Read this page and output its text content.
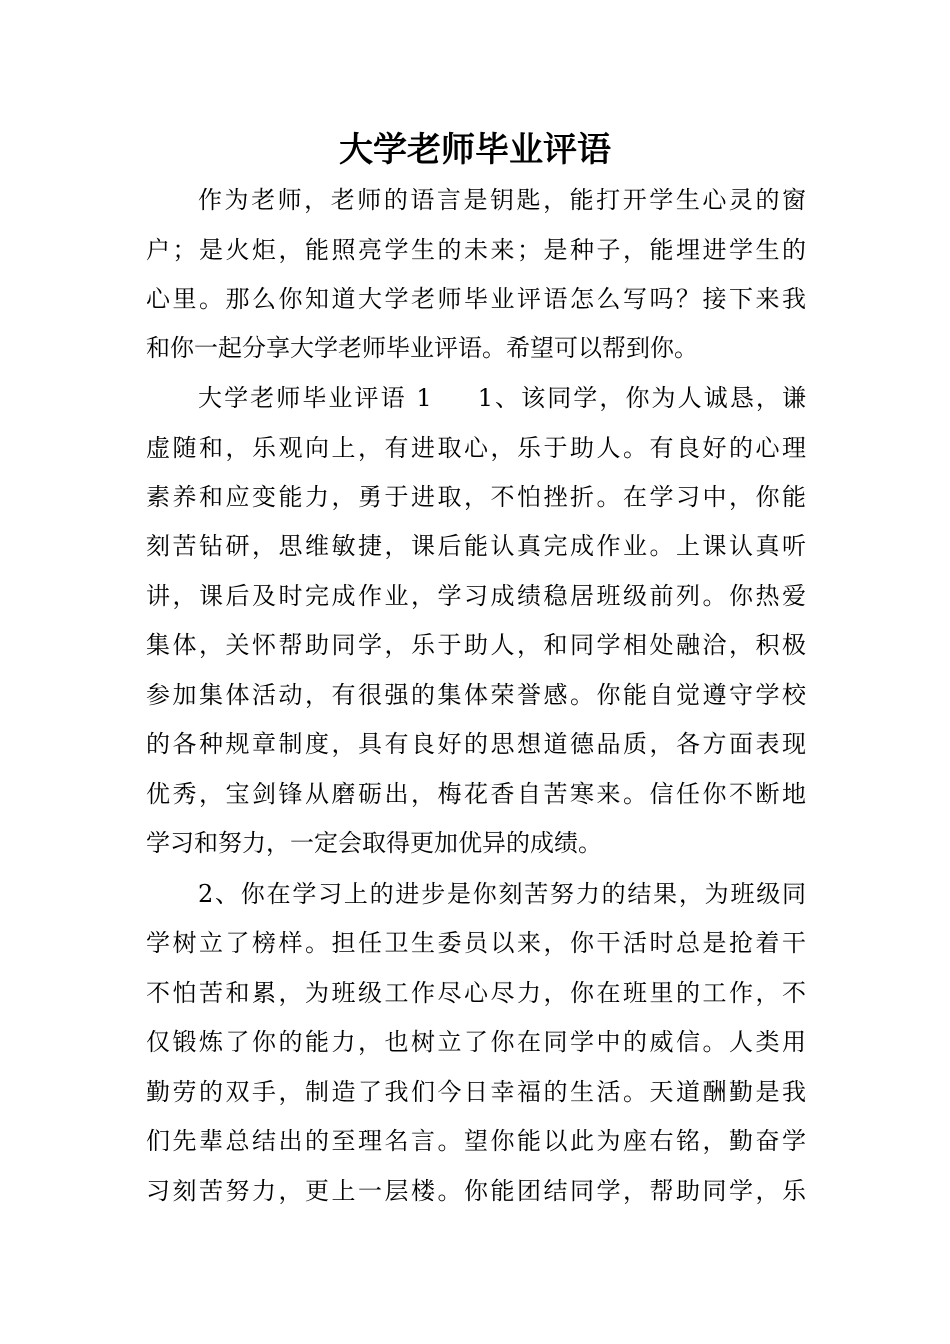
大学老师毕业评语
作为老师，老师的语言是钥匙，能打开学生心灵的窗
户；是火炬，能照亮学生的未来；是种子，能埋进学生的
心里。那么你知道大学老师毕业评语怎么写吗？接下来我
和你一起分享大学老师毕业评语。希望可以帮到你。
大学老师毕业评语 1 1、该同学，你为人诚恳，谦
虚随和，乐观向上，有进取心，乐于助人。有良好的心理
素养和应变能力，勇于进取，不怕挫折。在学习中，你能
刻苦钻研，思维敏捷，课后能认真完成作业。上课认真听
讲，课后及时完成作业，学习成绩稳居班级前列。你热爱
集体，关怀帮助同学，乐于助人，和同学相处融洽，积极
参加集体活动，有很强的集体荣誉感。你能自觉遵守学校
的各种规章制度，具有良好的思想道德品质，各方面表现
优秀，宝剑锋从磨砺出，梅花香自苦寒来。信任你不断地
学习和努力，一定会取得更加优异的成绩。
2、你在学习上的进步是你刻苦努力的结果，为班级同
学树立了榜样。担任卫生委员以来，你干活时总是抢着干
不怕苦和累，为班级工作尽心尽力，你在班里的工作，不
仅锻炼了你的能力，也树立了你在同学中的威信。人类用
勤劳的双手，制造了我们今日幸福的生活。天道酬勤是我
们先辈总结出的至理名言。望你能以此为座右铭，勤奋学
习刻苦努力，更上一层楼。你能团结同学，帮助同学，乐
